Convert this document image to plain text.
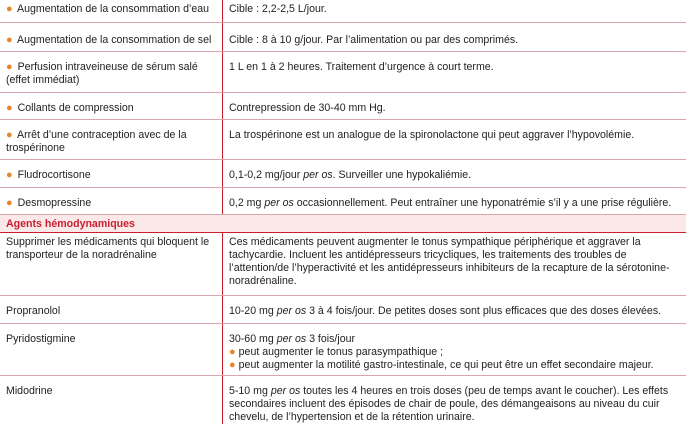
● Augmentation de la consommation d’eau	Cible : 2,2-2,5 L/jour.
● Augmentation de la consommation de sel	Cible : 8 à 10 g/jour. Par l’alimentation ou par des comprimés.
● Perfusion intraveineuse de sérum salé (effet immédiat)	1 L en 1 à 2 heures. Traitement d’urgence à court terme.
● Collants de compression	Contrepression de 30-40 mm Hg.
● Arrêt d’une contraception avec de la trospérinone	La trospérinone est un analogue de la spironolactone qui peut aggraver l’hypovolémie.
● Fludrocortisone	0,1-0,2 mg/jour per os. Surveiller une hypokaliémie.
● Desmopressine	0,2 mg per os occasionnellement. Peut entraîner une hyponatrémie s’il y a une prise régulière.
Agents hémodynamiques	
Supprimer les médicaments qui bloquent le transporteur de la noradrénaline	Ces médicaments peuvent augmenter le tonus sympathique périphérique et aggraver la tachycardie. Incluent les antidépresseurs tricycliques, les traitements des troubles de l’attention/de l’hyperactivité et les antidépresseurs inhibiteurs de la recapture de la sérotonine-noradrénaline.
Propranolol	10-20 mg per os 3 à 4 fois/jour. De petites doses sont plus efficaces que des doses élevées.
Pyridostigmine	30-60 mg per os 3 fois/jour
● peut augmenter le tonus parasympathique ;
● peut augmenter la motilité gastro-intestinale, ce qui peut être un effet secondaire majeur.

Midodrine	5-10 mg per os toutes les 4 heures en trois doses (peu de temps avant le coucher). Les effets secondaires incluent des épisodes de chair de poule, des démangeaisons au niveau du cuir chevelu, de l’hypertension et de la rétention urinaire.
